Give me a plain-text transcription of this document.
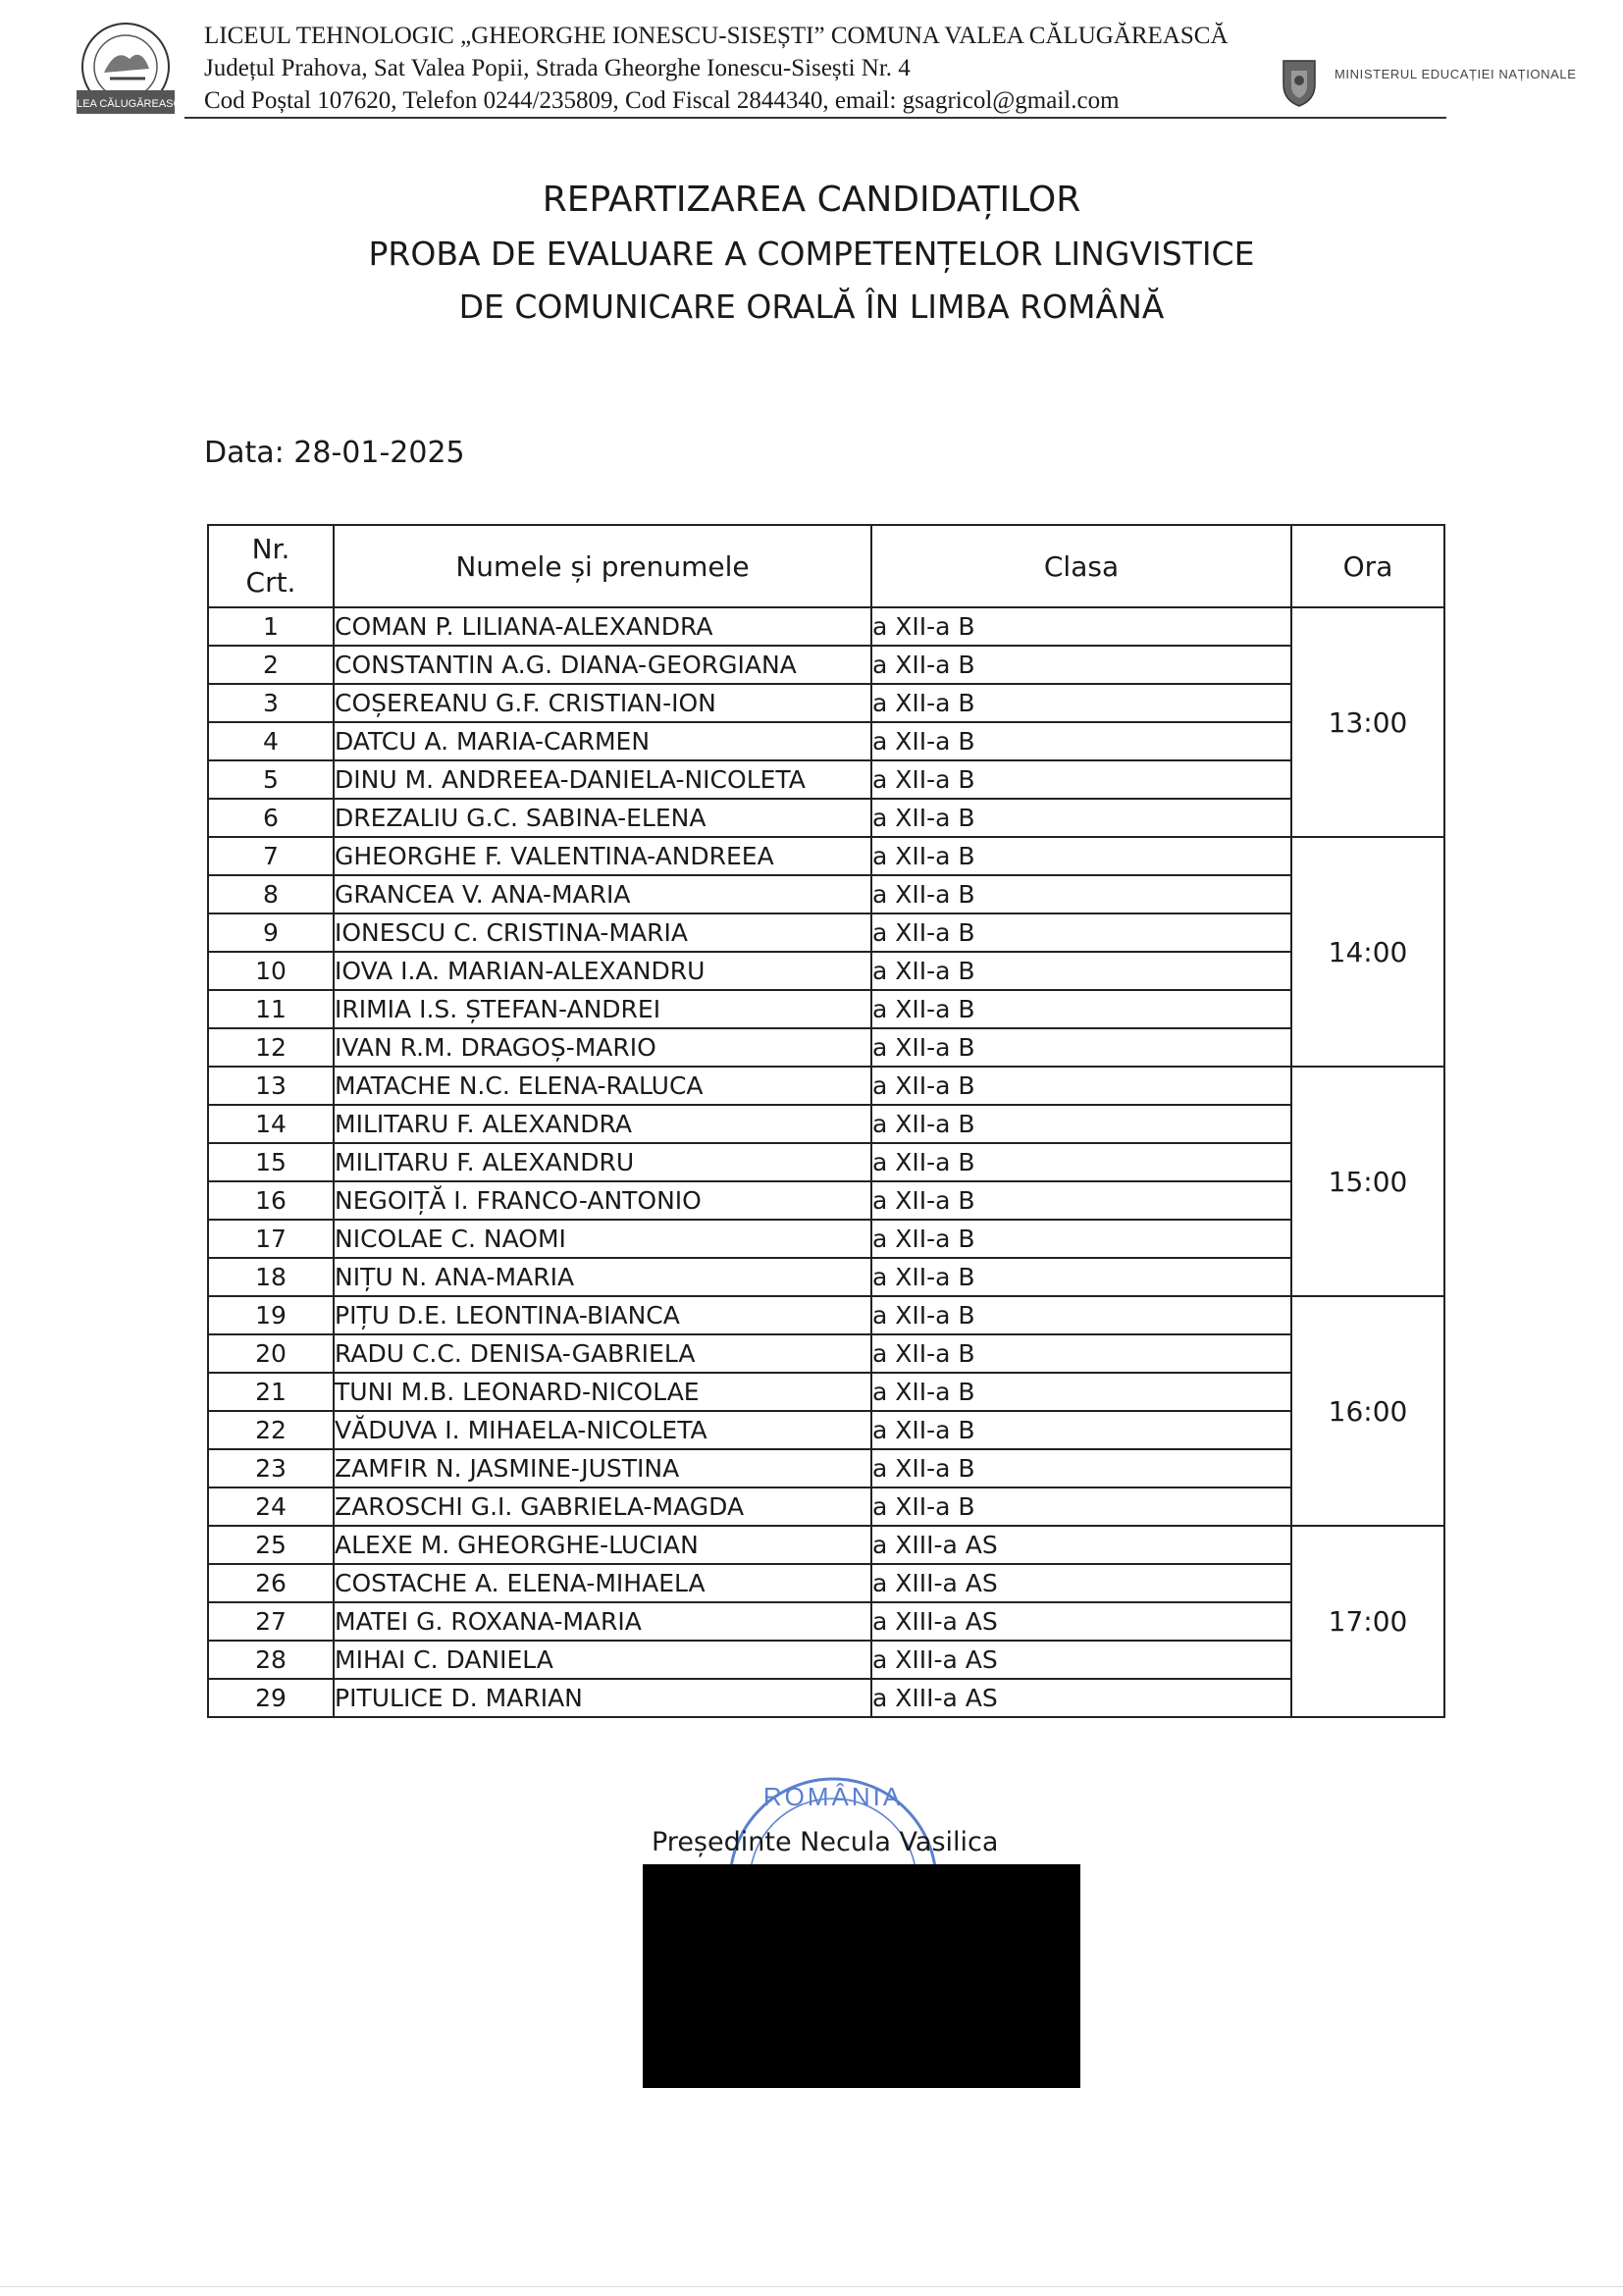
VALEA CĂLUGĂREASCĂ
LICEUL TEHNOLOGIC „GHEORGHE IONESCU-SISEȘTI” COMUNA VALEA CĂLUGĂREASCĂ
Județul Prahova, Sat Valea Popii, Strada Gheorghe Ionescu-Sisești Nr. 4
Cod Poștal 107620, Telefon 0244/235809, Cod Fiscal 2844340, email: gsagricol@gmail.com
MINISTERUL EDUCAȚIEI NAȚIONALE
REPARTIZAREA CANDIDAȚILOR
PROBA DE EVALUARE A COMPETENȚELOR LINGVISTICE
DE COMUNICARE ORALĂ ÎN LIMBA ROMÂNĂ
Data: 28-01-2025
Nr.
Crt.	Numele și prenumele	Clasa	Ora
1	COMAN P. LILIANA-ALEXANDRA	a XII-a B	13:00
2	CONSTANTIN A.G. DIANA-GEORGIANA	a XII-a B	
3	COȘEREANU G.F. CRISTIAN-ION	a XII-a B	
4	DATCU A. MARIA-CARMEN	a XII-a B	
5	DINU M. ANDREEA-DANIELA-NICOLETA	a XII-a B	
6	DREZALIU G.C. SABINA-ELENA	a XII-a B	
7	GHEORGHE F. VALENTINA-ANDREEA	a XII-a B	14:00
8	GRANCEA V. ANA-MARIA	a XII-a B	
9	IONESCU C. CRISTINA-MARIA	a XII-a B	
10	IOVA I.A. MARIAN-ALEXANDRU	a XII-a B	
11	IRIMIA I.S. ȘTEFAN-ANDREI	a XII-a B	
12	IVAN R.M. DRAGOȘ-MARIO	a XII-a B	
13	MATACHE N.C. ELENA-RALUCA	a XII-a B	15:00
14	MILITARU F. ALEXANDRA	a XII-a B	
15	MILITARU F. ALEXANDRU	a XII-a B	
16	NEGOIȚĂ I. FRANCO-ANTONIO	a XII-a B	
17	NICOLAE C. NAOMI	a XII-a B	
18	NIȚU N. ANA-MARIA	a XII-a B	
19	PIȚU D.E. LEONTINA-BIANCA	a XII-a B	16:00
20	RADU C.C. DENISA-GABRIELA	a XII-a B	
21	TUNI M.B. LEONARD-NICOLAE	a XII-a B	
22	VĂDUVA I. MIHAELA-NICOLETA	a XII-a B	
23	ZAMFIR N. JASMINE-JUSTINA	a XII-a B	
24	ZAROSCHI G.I. GABRIELA-MAGDA	a XII-a B	
25	ALEXE M. GHEORGHE-LUCIAN	a XIII-a AS	17:00
26	COSTACHE A. ELENA-MIHAELA	a XIII-a AS	
27	MATEI G. ROXANA-MARIA	a XIII-a AS	
28	MIHAI C. DANIELA	a XIII-a AS	
29	PITULICE D. MARIAN	a XIII-a AS	
ROMÂNIA
Președinte Necula Vasilica
